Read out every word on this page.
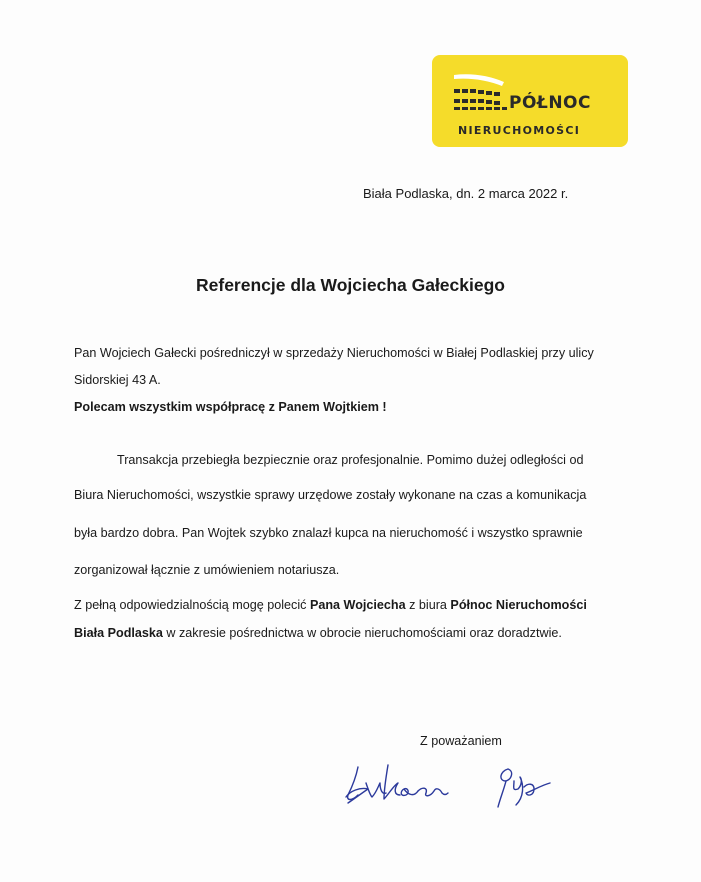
PÓŁNOC
NIERUCHOMOŚCI
Biała Podlaska, dn. 2 marca 2022 r.
Referencje dla Wojciecha Gałeckiego
Pan Wojciech Gałecki pośredniczył w sprzedaży Nieruchomości w Białej Podlaskiej przy ulicy
Sidorskiej 43 A.
Polecam wszystkim współpracę z Panem Wojtkiem !
Transakcja przebiegła bezpiecznie oraz profesjonalnie. Pomimo dużej odległości od
Biura Nieruchomości, wszystkie sprawy urzędowe zostały wykonane na czas a komunikacja
była bardzo dobra. Pan Wojtek szybko znalazł kupca na nieruchomość i wszystko sprawnie
zorganizował łącznie z umówieniem notariusza.
Z pełną odpowiedzialnością mogę polecić Pana Wojciecha z biura Północ Nieruchomości
Biała Podlaska w zakresie pośrednictwa w obrocie nieruchomościami oraz doradztwie.
Z poważaniem
